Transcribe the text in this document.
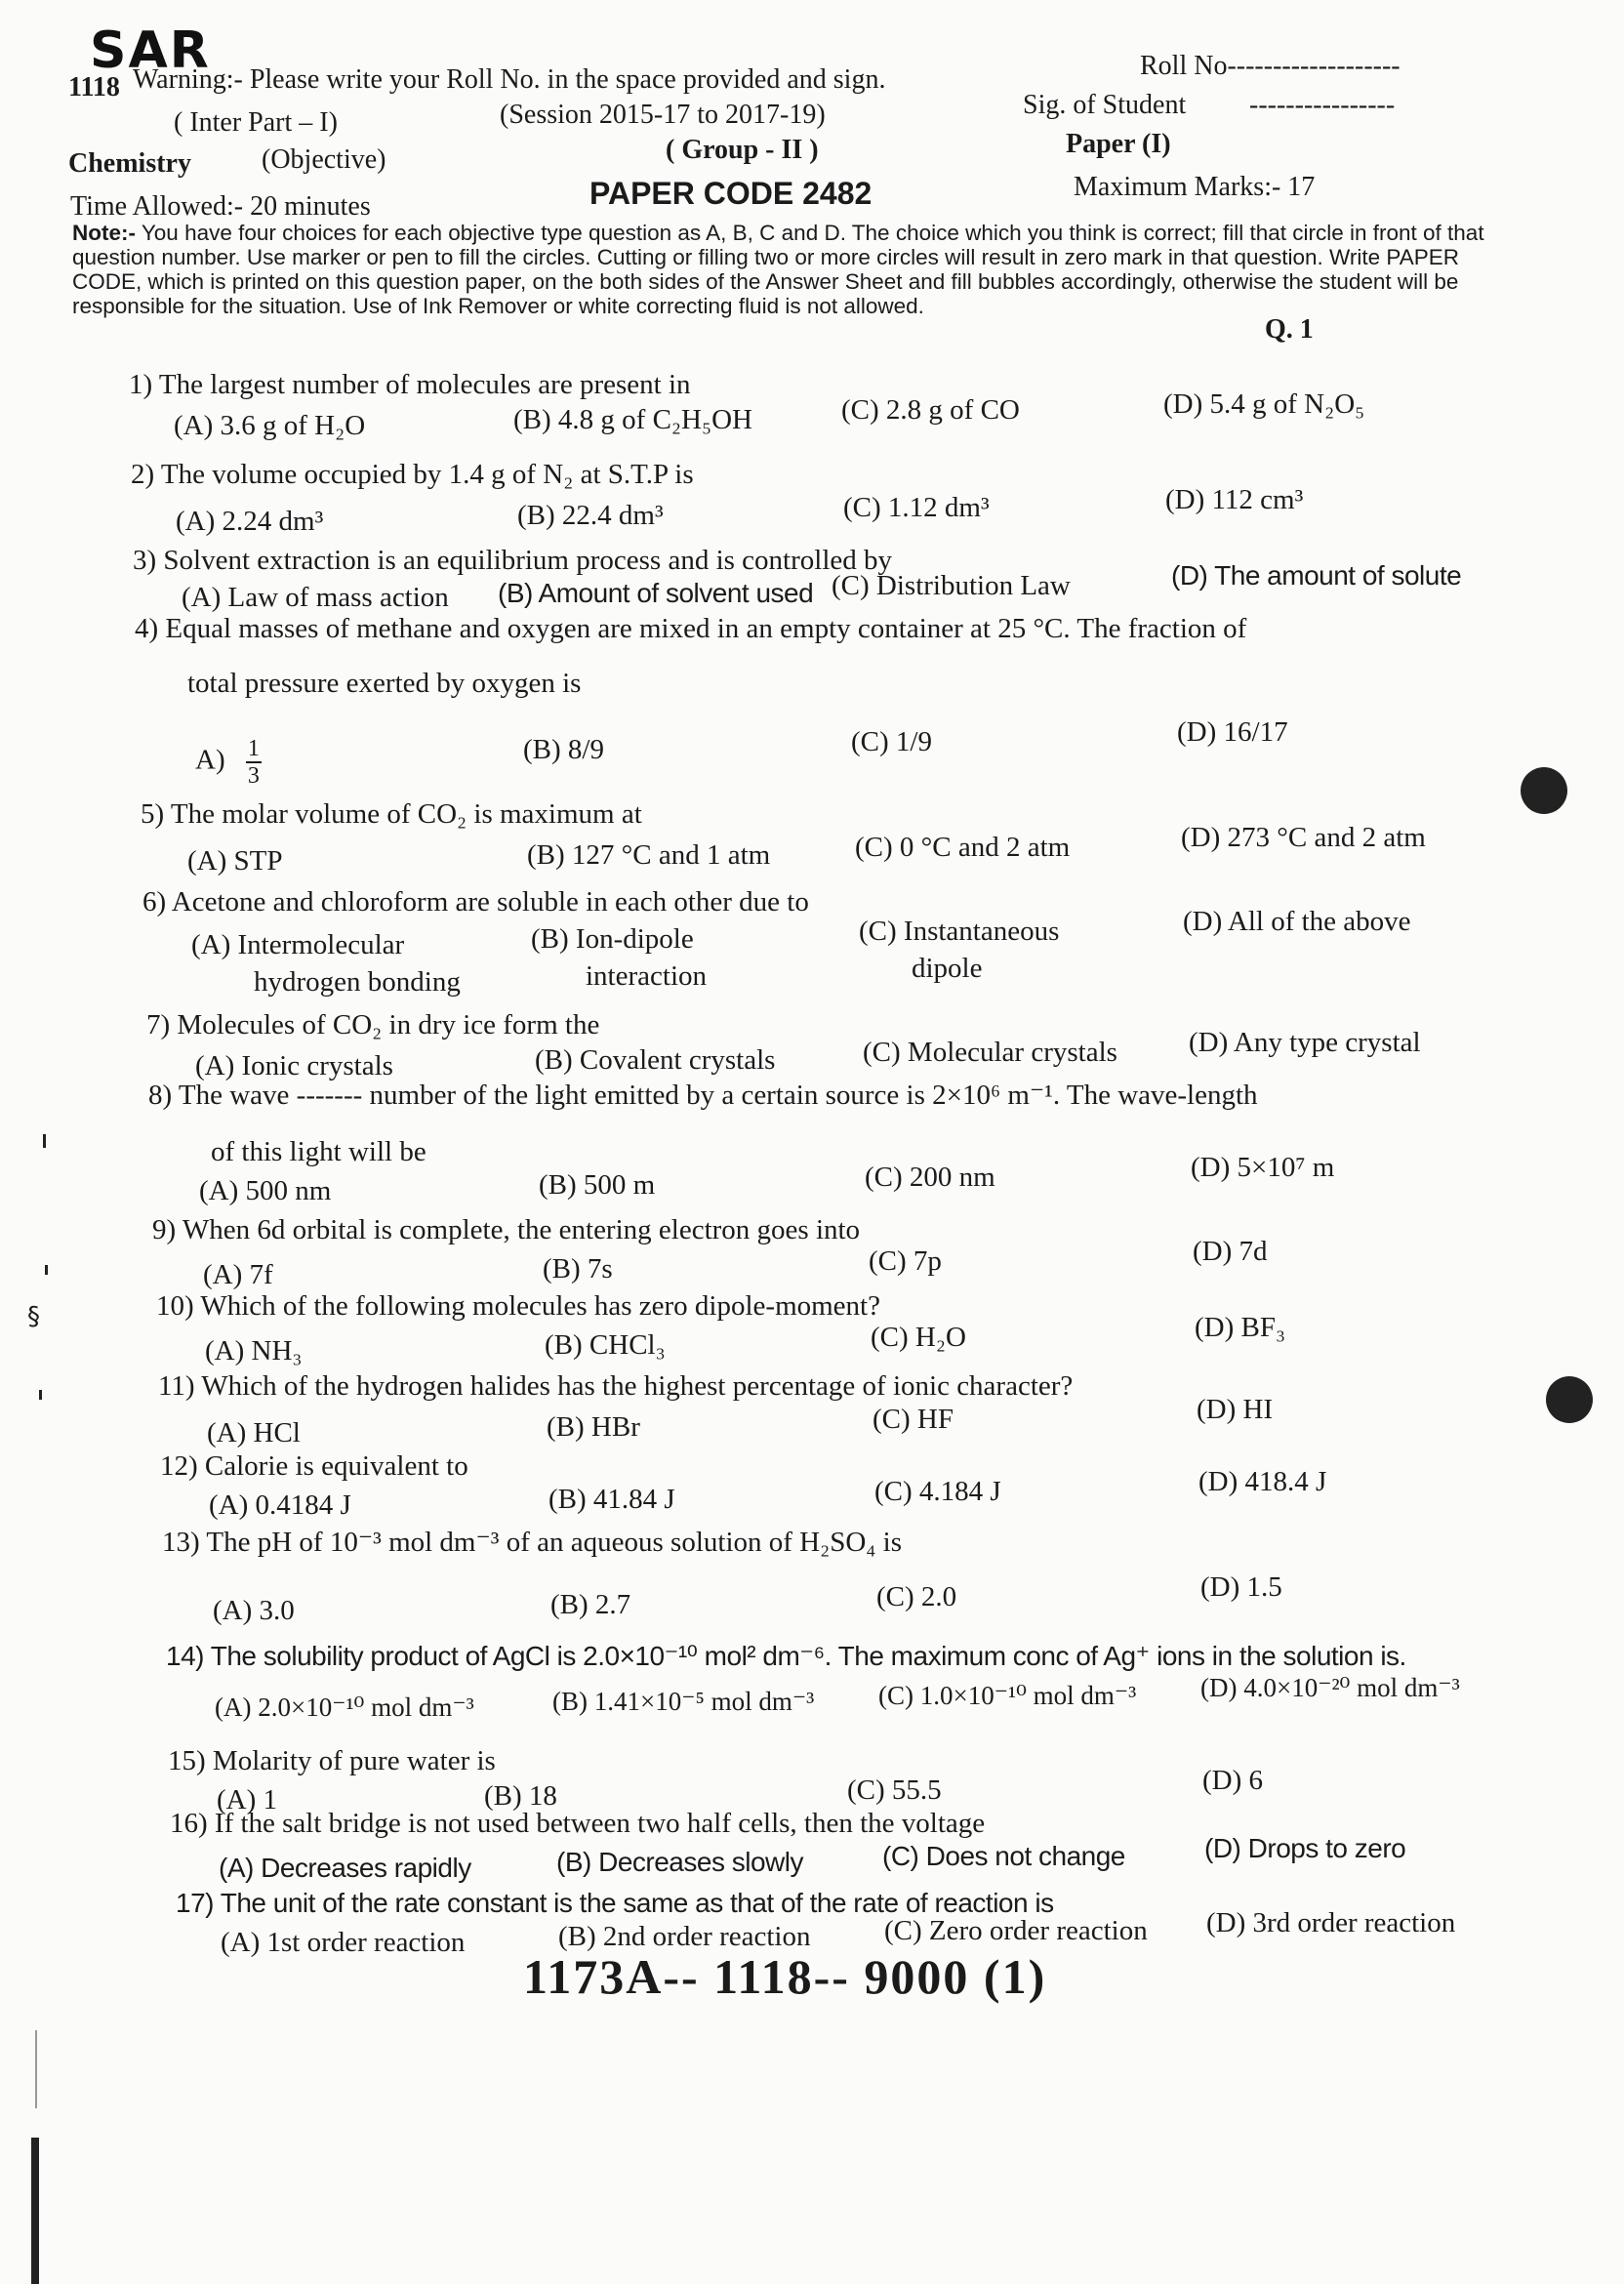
SAR
1118 Warning:- Please write your Roll No. in the space provided and sign.	Roll No-------------------
( Inter Part – I)	(Session 2015-17 to 2017-19)	Sig. of Student ----------------
Chemistry	(Objective)	( Group - II )	Paper (I)
Time Allowed:- 20 minutes	PAPER CODE 2482	Maximum Marks:- 17
Note:- You have four choices for each objective type question as A, B, C and D. The choice which you think is correct; fill that circle in front of that question number. Use marker or pen to fill the circles. Cutting or filling two or more circles will result in zero mark in that question. Write PAPER CODE, which is printed on this question paper, on the both sides of the Answer Sheet and fill bubbles accordingly, otherwise the student will be responsible for the situation. Use of Ink Remover or white correcting fluid is not allowed.
Q. 1
1) The largest number of molecules are present in
(A) 3.6 g of H₂O	(B) 4.8 g of C₂H₅OH	(C) 2.8 g of CO	(D) 5.4 g of N₂O₅
2) The volume occupied by 1.4 g of N₂ at S.T.P is
(A) 2.24 dm³	(B) 22.4 dm³	(C) 1.12 dm³	(D) 112 cm³
3) Solvent extraction is an equilibrium process and is controlled by
(A) Law of mass action (B) Amount of solvent used (C) Distribution Law	(D) The amount of solute
4) Equal masses of methane and oxygen are mixed in an empty container at 25 °C. The fraction of
total pressure exerted by oxygen is
$A) \frac{1}{3}$	(B) 8/9	(C) 1/9	(D) 16/17
5) The molar volume of CO₂ is maximum at
(A) STP	(B) 127 °C and 1 atm	(C) 0 °C and 2 atm	(D) 273 °C and 2 atm
6) Acetone and chloroform are soluble in each other due to
(A) Intermolecular
hydrogen bonding
(B) Ion-dipole
interaction
(C) Instantaneous
dipole
(D) All of the above
7) Molecules of CO₂ in dry ice form the
(A) Ionic crystals	(B) Covalent crystals	(C) Molecular crystals	(D) Any type crystal
8) The wave ------- number of the light emitted by a certain source is 2×10⁶ m⁻¹. The wave-length
of this light will be
(A) 500 nm	(B) 500 m	(C) 200 nm	(D) 5×10⁷ m
9) When 6d orbital is complete, the entering electron goes into
(A) 7f	(B) 7s	(C) 7p	(D) 7d
10) Which of the following molecules has zero dipole-moment?
(A) NH₃	(B) CHCl₃	(C) H₂O	(D) BF₃
11) Which of the hydrogen halides has the highest percentage of ionic character?
(A) HCl	(B) HBr	(C) HF	(D) HI
12) Calorie is equivalent to
(A) 0.4184 J	(B) 41.84 J	(C) 4.184 J	(D) 418.4 J
13) The pH of 10⁻³ mol dm⁻³ of an aqueous solution of H₂SO₄ is
(A) 3.0	(B) 2.7	(C) 2.0	(D) 1.5
14) The solubility product of AgCl is 2.0×10⁻¹⁰ mol² dm⁻⁶. The maximum conc of Ag⁺ ions in the solution is.
(A) 2.0×10⁻¹⁰ mol dm⁻³	(B) 1.41×10⁻⁵ mol dm⁻³ (C) 1.0×10⁻¹⁰ mol dm⁻³ (D) 4.0×10⁻²⁰ mol dm⁻³
15) Molarity of pure water is
(A) 1	(B) 18	(C) 55.5	(D) 6
16) If the salt bridge is not used between two half cells, then the voltage
(A) Decreases rapidly	(B) Decreases slowly	(C) Does not change	(D) Drops to zero
17) The unit of the rate constant is the same as that of the rate of reaction is
(A) 1st order reaction	(B) 2nd order reaction	(C) Zero order reaction (D) 3rd order reaction
1173A-- 1118-- 9000 (1)
§
